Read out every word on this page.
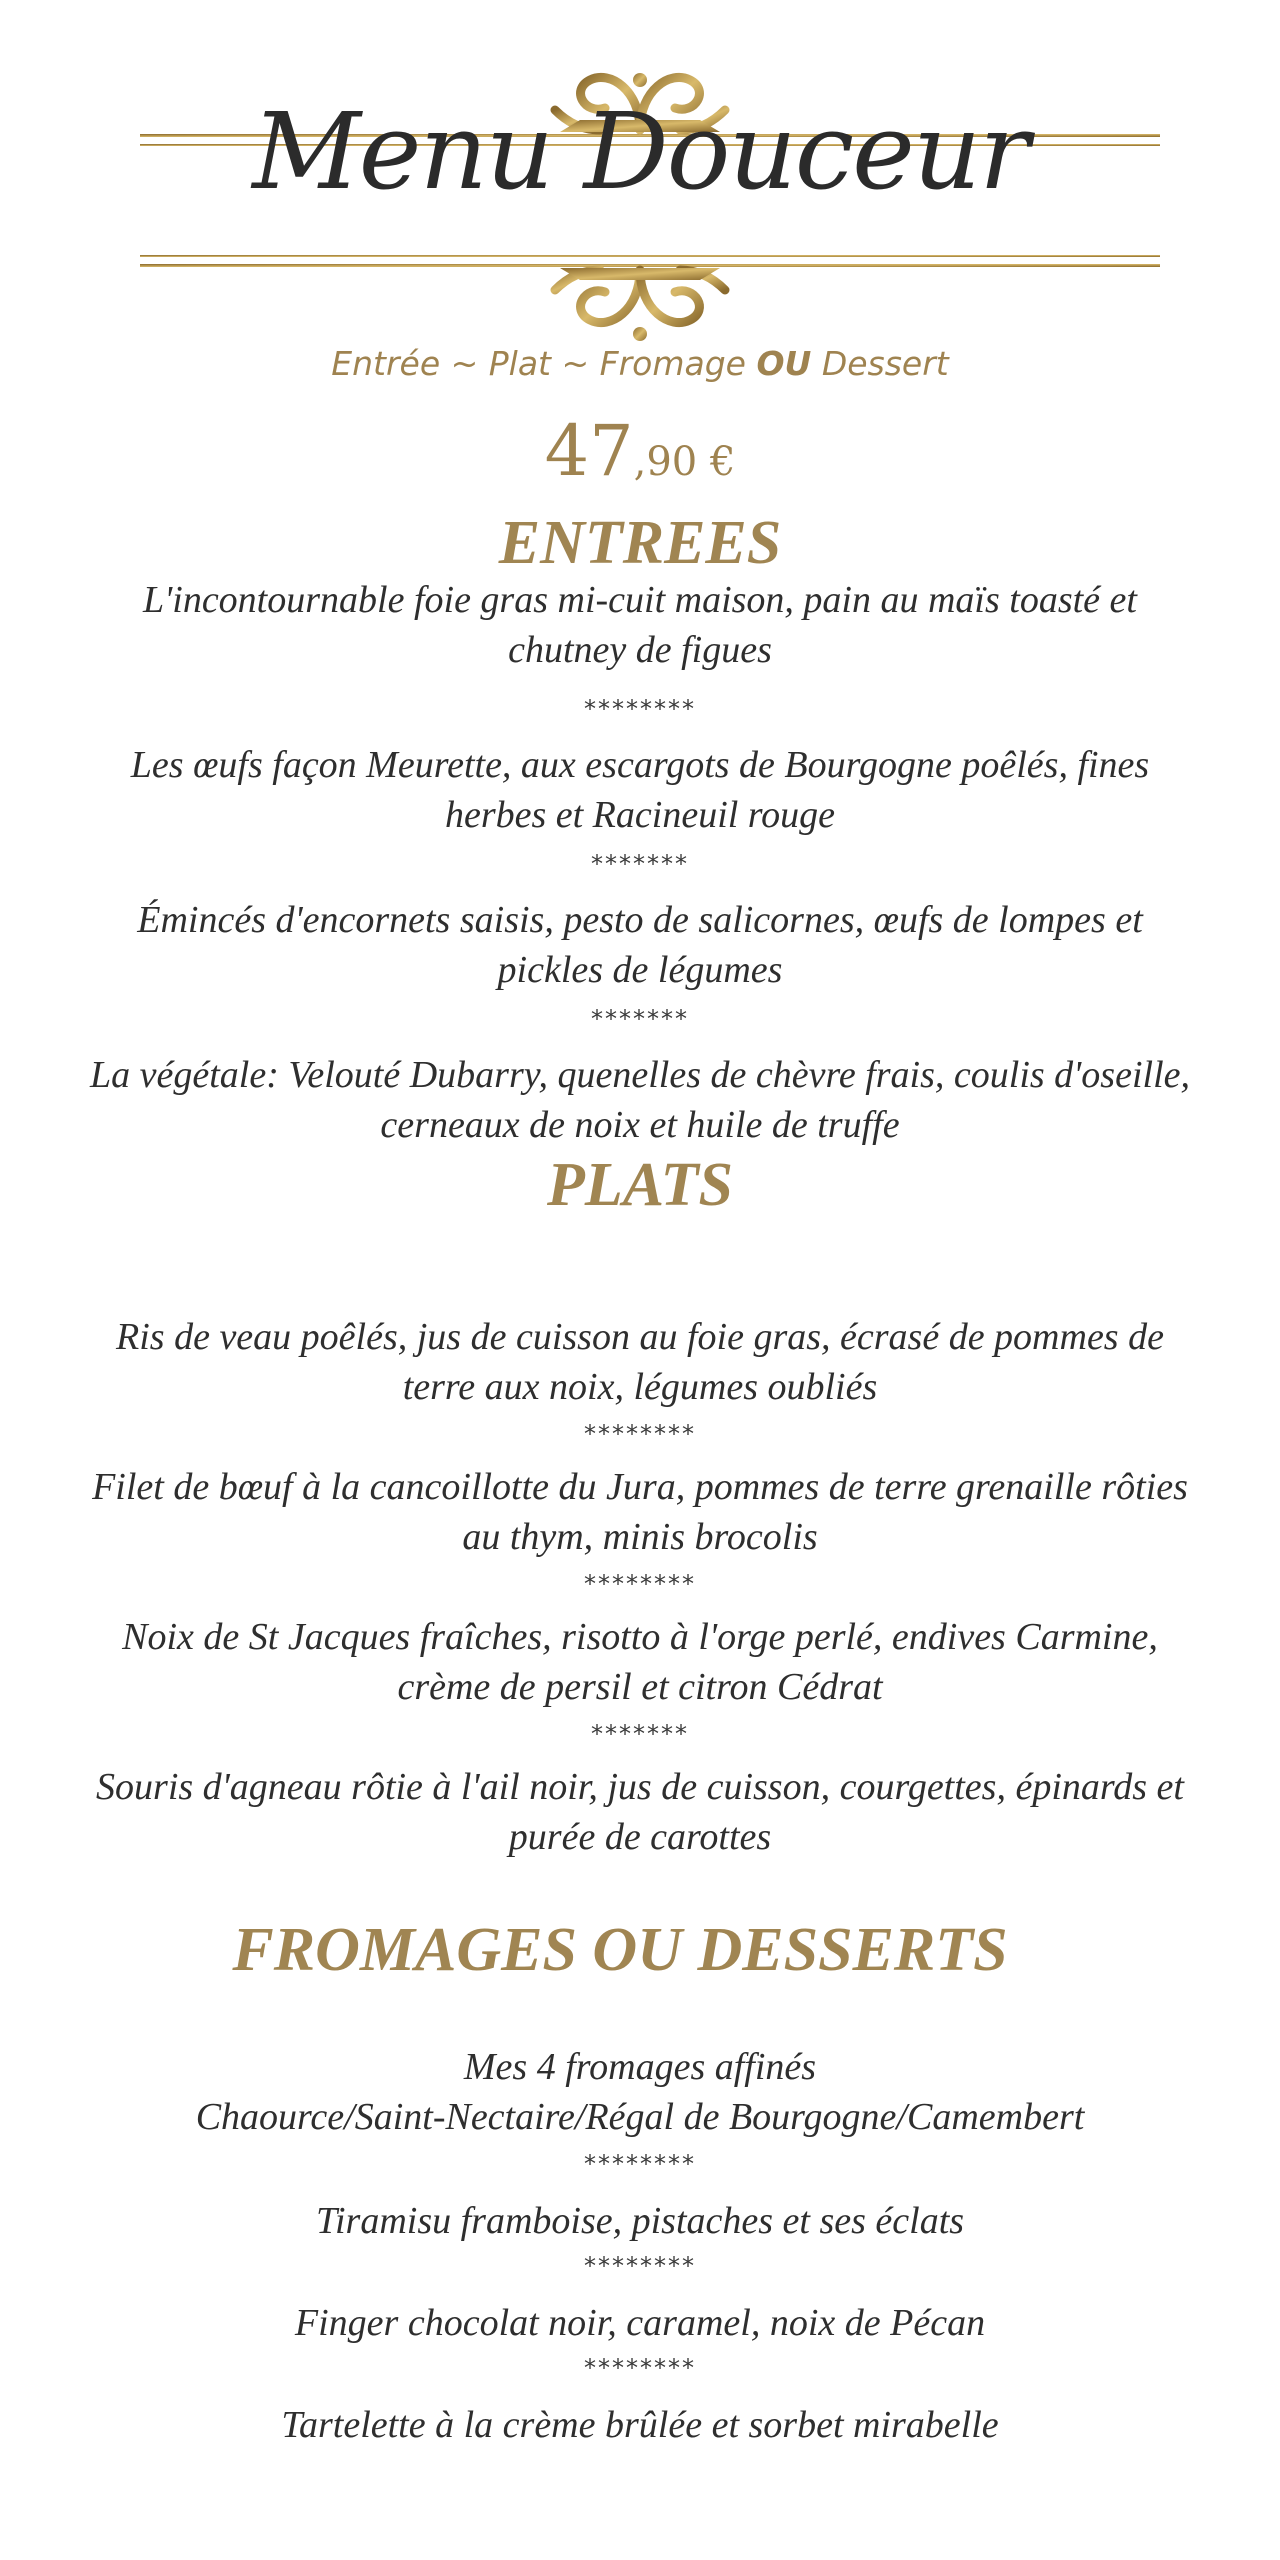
Menu Douceur
Entrée ~ Plat ~ Fromage OU Dessert
47,90 €
ENTREES
L'incontournable foie gras mi-cuit maison, pain au maïs toasté et chutney de figues
********
Les œufs façon Meurette, aux escargots de Bourgogne poêlés, fines herbes et Racineuil rouge
*******
Émincés d'encornets saisis, pesto de salicornes, œufs de lompes et pickles de légumes
*******
La végétale: Velouté Dubarry, quenelles de chèvre frais, coulis d'oseille, cerneaux de noix et huile de truffe
PLATS
Ris de veau poêlés, jus de cuisson au foie gras, écrasé de pommes de terre aux noix, légumes oubliés
********
Filet de bœuf à la cancoillotte du Jura, pommes de terre grenaille rôties au thym, minis brocolis
********
Noix de St Jacques fraîches, risotto à l'orge perlé, endives Carmine, crème de persil et citron Cédrat
*******
Souris d'agneau rôtie à l'ail noir, jus de cuisson, courgettes, épinards et purée de carottes
FROMAGES OU DESSERTS
Mes 4 fromages affinés
Chaource/Saint-Nectaire/Régal de Bourgogne/Camembert
********
Tiramisu framboise, pistaches et ses éclats
********
Finger chocolat noir, caramel, noix de Pécan
********
Tartelette à la crème brûlée et sorbet mirabelle
